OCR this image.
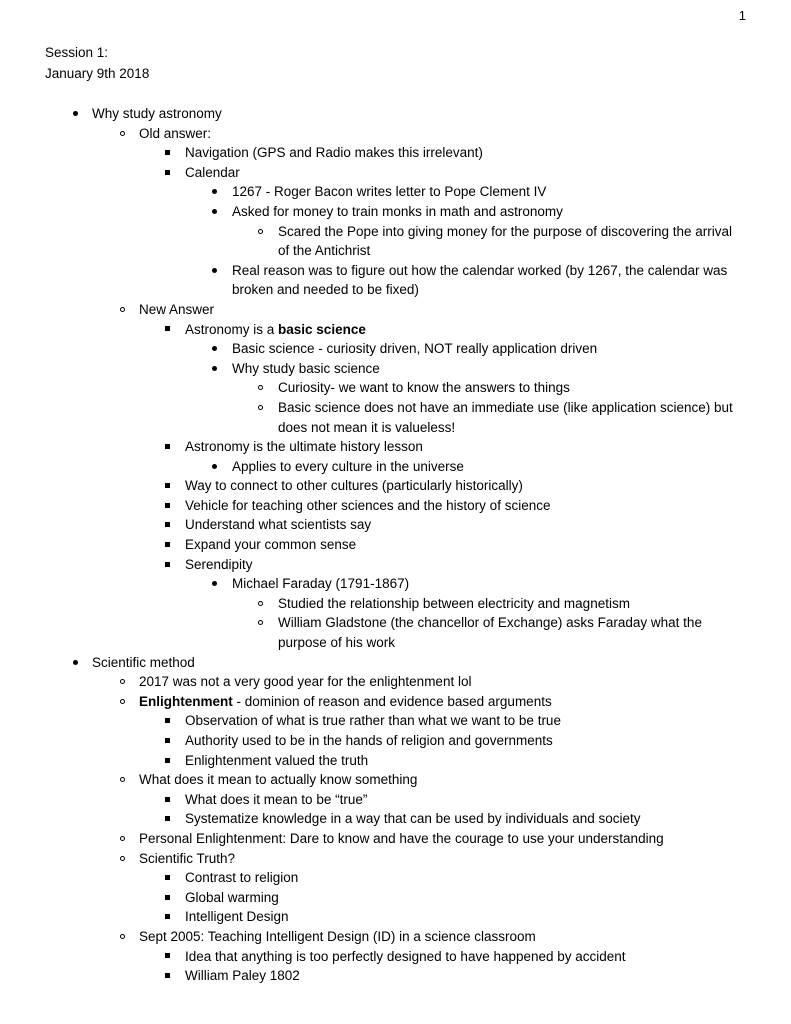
1
Session 1:
January 9th 2018
Why study astronomy
Old answer:
Navigation (GPS and Radio makes this irrelevant)
Calendar
1267 - Roger Bacon writes letter to Pope Clement IV
Asked for money to train monks in math and astronomy
Scared the Pope into giving money for the purpose of discovering the arrival of the Antichrist
Real reason was to figure out how the calendar worked (by 1267, the calendar was broken and needed to be fixed)
New Answer
Astronomy is a basic science
Basic science - curiosity driven, NOT really application driven
Why study basic science
Curiosity- we want to know the answers to things
Basic science does not have an immediate use (like application science) but does not mean it is valueless!
Astronomy is the ultimate history lesson
Applies to every culture in the universe
Way to connect to other cultures (particularly historically)
Vehicle for teaching other sciences and the history of science
Understand what scientists say
Expand your common sense
Serendipity
Michael Faraday (1791-1867)
Studied the relationship between electricity and magnetism
William Gladstone (the chancellor of Exchange) asks Faraday what the purpose of his work
Scientific method
2017 was not a very good year for the enlightenment lol
Enlightenment - dominion of reason and evidence based arguments
Observation of what is true rather than what we want to be true
Authority used to be in the hands of religion and governments
Enlightenment valued the truth
What does it mean to actually know something
What does it mean to be “true”
Systematize knowledge in a way that can be used by individuals and society
Personal Enlightenment: Dare to know and have the courage to use your understanding
Scientific Truth?
Contrast to religion
Global warming
Intelligent Design
Sept 2005: Teaching Intelligent Design (ID) in a science classroom
Idea that anything is too perfectly designed to have happened by accident
William Paley 1802
